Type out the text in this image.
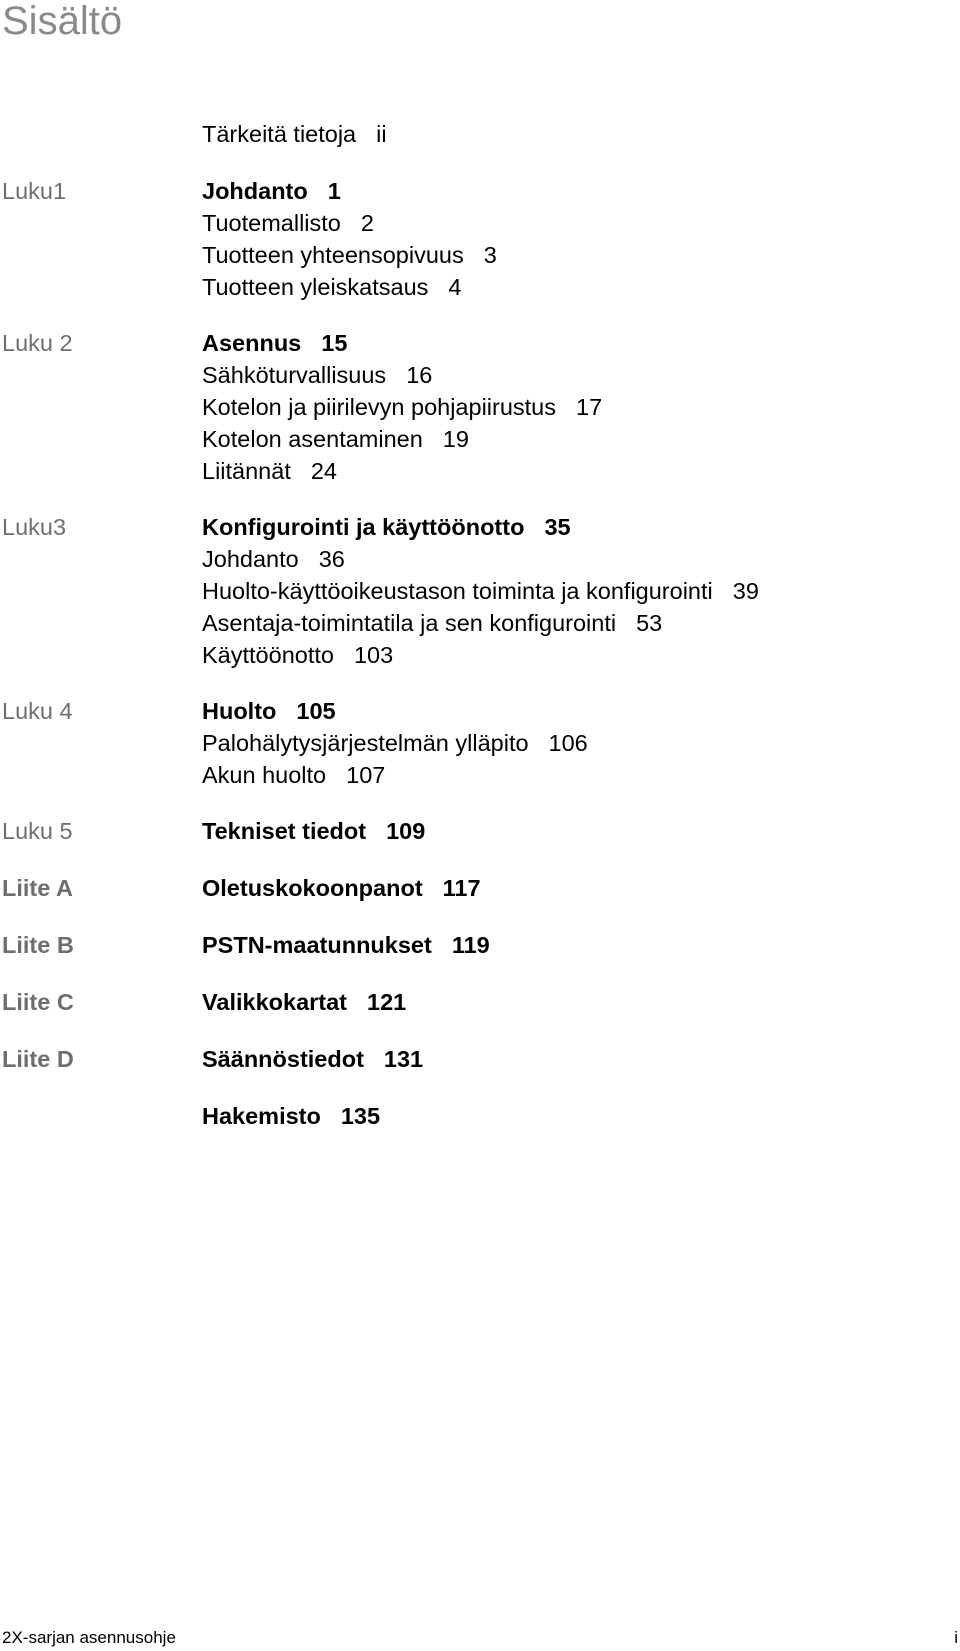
Sisältö
Tärkeitä tietoja ii
Luku1	Johdanto 1
Tuotemallisto 2
Tuotteen yhteensopivuus 3
Tuotteen yleiskatsaus 4
Luku 2	Asennus 15
Sähköturvallisuus 16
Kotelon ja piirilevyn pohjapiirustus 17
Kotelon asentaminen 19
Liitännät 24
Luku3	Konfigurointi ja käyttöönotto 35
Johdanto 36
Huolto-käyttöoikeustason toiminta ja konfigurointi 39
Asentaja-toimintatila ja sen konfigurointi 53
Käyttöönotto 103
Luku 4	Huolto 105
Palohälytysjärjestelmän ylläpito 106
Akun huolto 107
Luku 5	Tekniset tiedot 109
Liite A	Oletuskokoonpanot 117
Liite B	PSTN-maatunnukset 119
Liite C	Valikkokartat 121
Liite D	Säännöstiedot 131
Hakemisto 135
2X-sarjan asennusohje	i
